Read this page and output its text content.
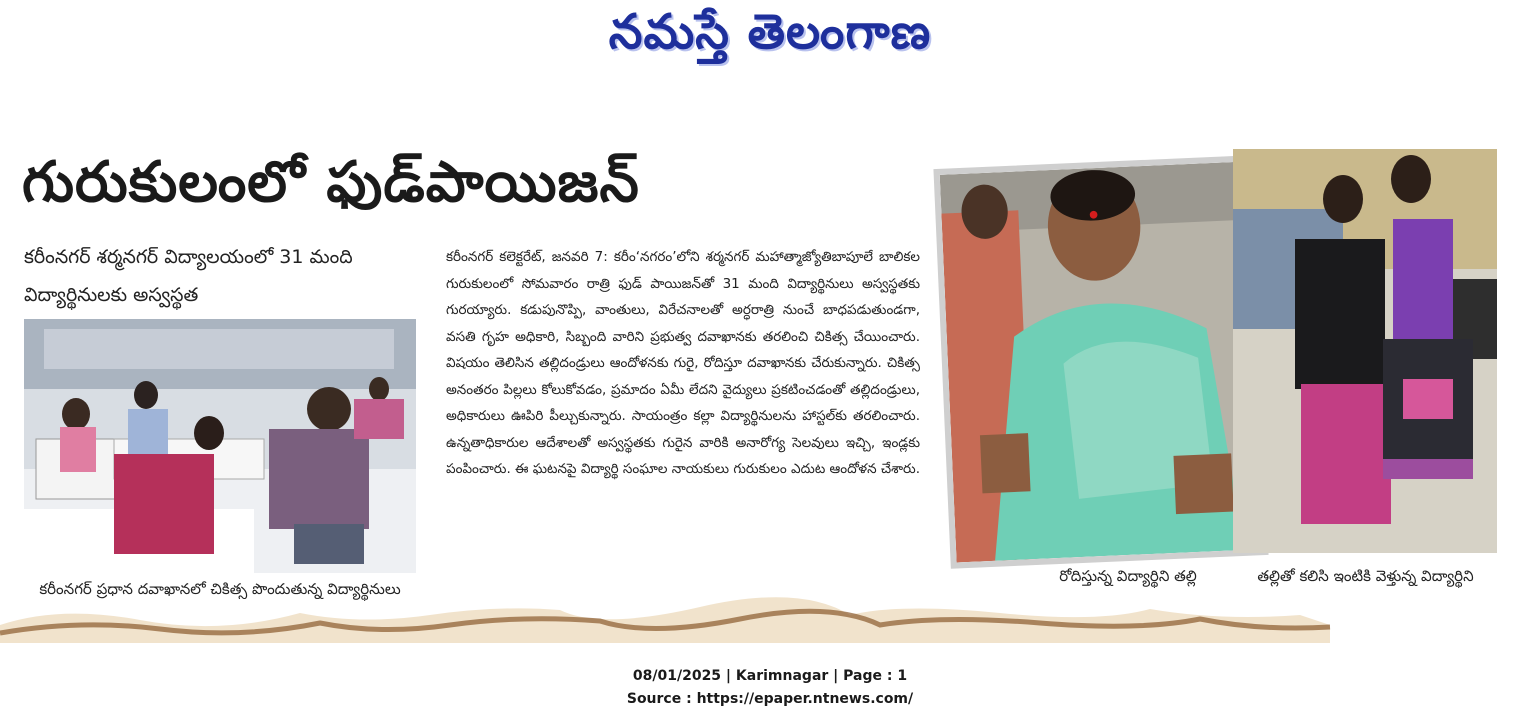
నమస్తే తెలంగాణ
గురుకులంలో ఫుడ్‌పాయిజన్
కరీంనగర్ శర్మనగర్ విద్యాలయంలో 31 మంది విద్యార్థినులకు అస్వస్థత
కరీంనగర్ ప్రధాన దవాఖానలో చికిత్స పొందుతున్న విద్యార్థినులు
కరీంనగర్ కలెక్టరేట్, జనవరి 7: కరీం‘నగరం’లోని శర్మనగర్ మహాత్మాజ్యోతిబాపూలే బాలికల గురుకులంలో సోమవారం రాత్రి ఫుడ్ పాయిజన్‌తో 31 మంది విద్యార్థినులు అస్వస్థతకు గురయ్యారు. కడుపునొప్పి, వాంతులు, విరేచనాలతో అర్ధరాత్రి నుంచే బాధపడుతుండగా, వసతి గృహ అధికారి, సిబ్బంది వారిని ప్రభుత్వ దవాఖానకు తరలించి చికిత్స చేయించారు. విషయం తెలిసిన తల్లిదండ్రులు ఆందోళనకు గురై, రోదిస్తూ దవాఖానకు చేరుకున్నారు. చికిత్స అనంతరం పిల్లలు కోలుకోవడం, ప్రమాదం ఏమీ లేదని వైద్యులు ప్రకటించడంతో తల్లిదండ్రులు, అధికారులు ఊపిరి పీల్చుకున్నారు. సాయంత్రం కల్లా విద్యార్థినులను హాస్టల్‌కు తరలించారు. ఉన్నతాధికారుల ఆదేశాలతో అస్వస్థతకు గురైన వారికి అనారోగ్య సెలవులు ఇచ్చి, ఇండ్లకు పంపించారు. ఈ ఘటనపై విద్యార్థి సంఘాల నాయకులు గురుకులం ఎదుట ఆందోళన చేశారు.
రోదిస్తున్న విద్యార్థిని తల్లి	తల్లితో కలిసి ఇంటికి వెళ్తున్న విద్యార్థిని
08/01/2025 | Karimnagar | Page : 1
Source : https://epaper.ntnews.com/
